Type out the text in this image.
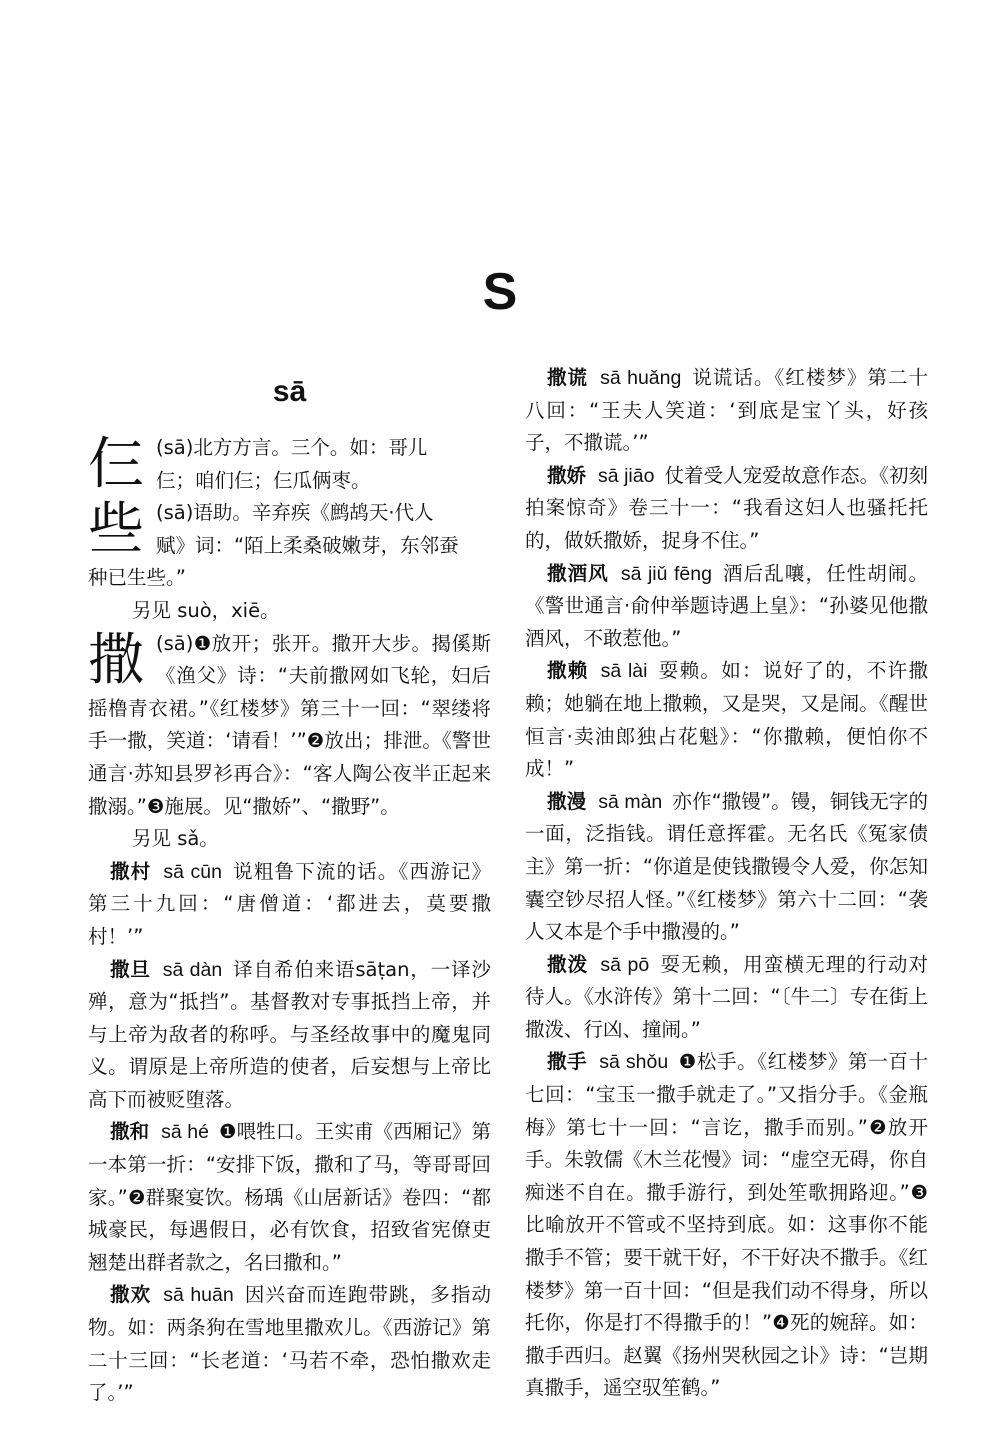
S
sā
仨 (sā)北方方言。三个。如：哥儿
仨；咱们仨；仨瓜俩枣。
些 (sā)语助。辛弃疾《鹧鸪天·代人
赋》词：“陌上柔桑破嫩芽，东邻蚕
种已生些。”

另见 suò，xiē。

撒 (sā)❶放开；张开。撒开大步。揭傒斯《渔父》诗：“夫前撒网如飞轮，妇后摇橹青衣裙。”《红楼梦》第三十一回：“翠缕将手一撒，笑道：‘请看！’”❷放出；排泄。《警世通言·苏知县罗衫再合》：“客人陶公夜半正起来撒溺。”❸施展。见“撒娇”、“撒野”。

另见 sǎ。

撒村 sā cūn 说粗鲁下流的话。《西游记》第三十九回：“唐僧道：‘都进去，莫要撒村！’”

撒旦 sā dàn 译自希伯来语sāṭan，一译沙殚，意为“抵挡”。基督教对专事抵挡上帝，并与上帝为敌者的称呼。与圣经故事中的魔鬼同义。谓原是上帝所造的使者，后妄想与上帝比高下而被贬堕落。

撒和 sā hé ❶喂牲口。王实甫《西厢记》第一本第一折：“安排下饭，撒和了马，等哥哥回家。”❷群聚宴饮。杨瑀《山居新话》卷四：“都城豪民，每遇假日，必有饮食，招致省宪僚吏翘楚出群者款之，名曰撒和。”

撒欢 sā huān 因兴奋而连跑带跳，多指动物。如：两条狗在雪地里撒欢儿。《西游记》第二十三回：“长老道：‘马若不牵，恐怕撒欢走了。’”

撒谎 sā huǎng 说谎话。《红楼梦》第二十八回：“王夫人笑道：‘到底是宝丫头，好孩子，不撒谎。’”

撒娇 sā jiāo 仗着受人宠爱故意作态。《初刻拍案惊奇》卷三十一：“我看这妇人也骚托托的，做妖撒娇，捉身不住。”

撒酒风 sā jiǔ fēng 酒后乱嚷，任性胡闹。《警世通言·俞仲举题诗遇上皇》：“孙婆见他撒酒风，不敢惹他。”

撒赖 sā lài 耍赖。如：说好了的，不许撒赖；她躺在地上撒赖，又是哭，又是闹。《醒世恒言·卖油郎独占花魁》：“你撒赖，便怕你不成！”

撒漫 sā màn 亦作“撒镘”。镘，铜钱无字的一面，泛指钱。谓任意挥霍。无名氏《冤家债主》第一折：“你道是使钱撒镘令人爱，你怎知囊空钞尽招人怪。”《红楼梦》第六十二回：“袭人又本是个手中撒漫的。”

撒泼 sā pō 耍无赖，用蛮横无理的行动对待人。《水浒传》第十二回：“〔牛二〕专在街上撒泼、行凶、撞闹。”

撒手 sā shǒu ❶松手。《红楼梦》第一百十七回：“宝玉一撒手就走了。”又指分手。《金瓶梅》第七十一回：“言讫，撒手而别。”❷放开手。朱敦儒《木兰花慢》词：“虚空无碍，你自痴迷不自在。撒手游行，到处笙歌拥路迎。”❸比喻放开不管或不坚持到底。如：这事你不能撒手不管；要干就干好，不干好决不撒手。《红楼梦》第一百十回：“但是我们动不得身，所以托你，你是打不得撒手的！”❹死的婉辞。如：撒手西归。赵翼《扬州哭秋园之讣》诗：“岂期真撒手，遥空驭笙鹤。”
